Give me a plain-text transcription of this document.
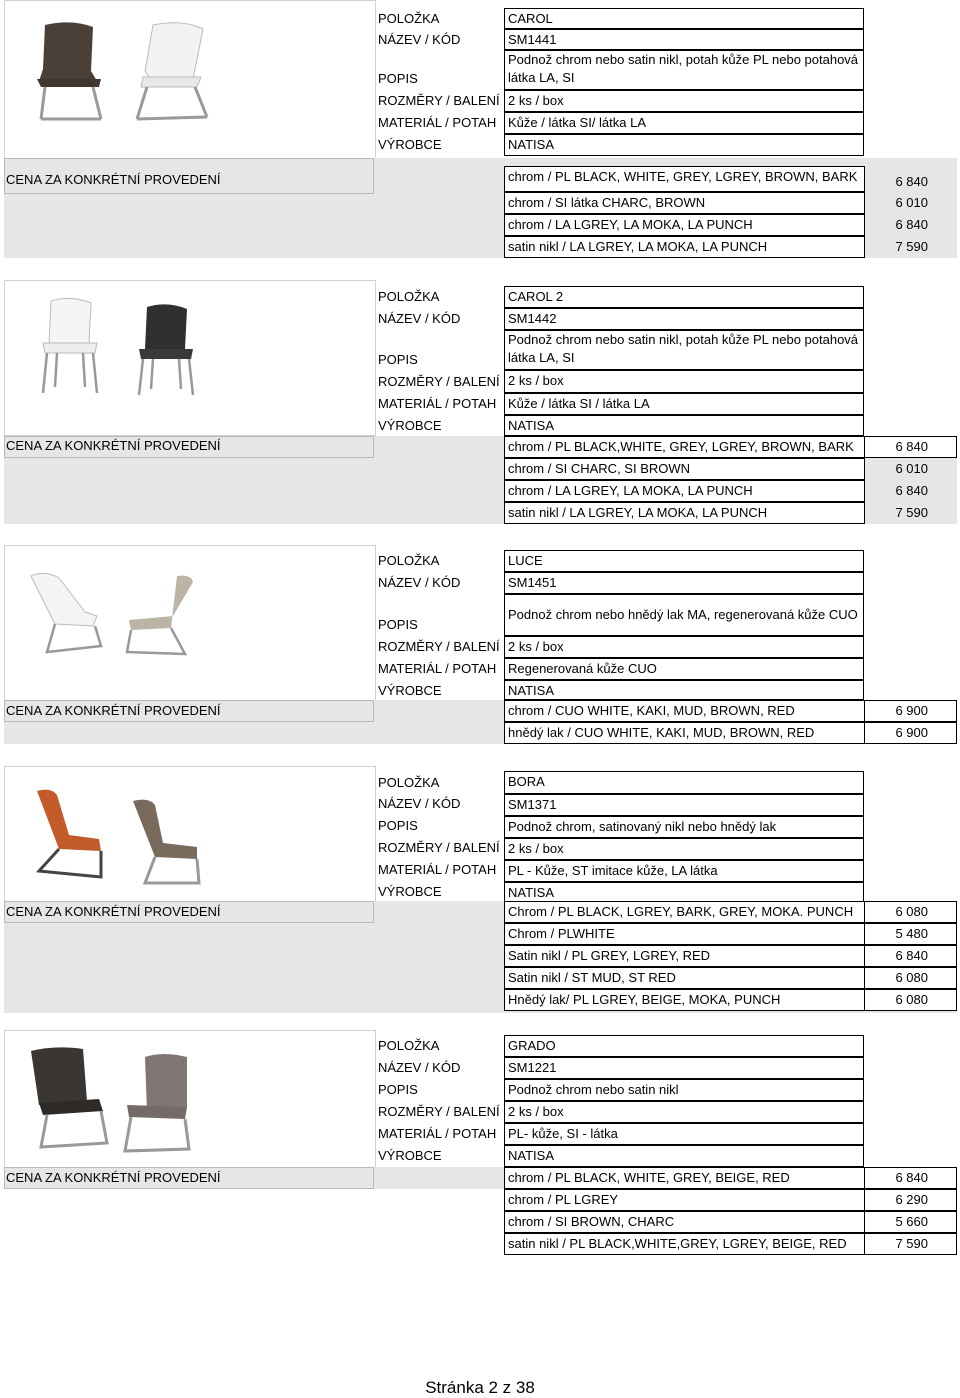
POLOŽKA	CAROL
NÁZEV / KÓD	SM1441
POPIS
Podnož chrom nebo satin nikl, potah kůže PL nebo potahová látka LA, SI
ROZMĚRY / BALENÍ 2 ks / box
MATERIÁL / POTAH Kůže / látka SI/ látka LA
VÝROBCE	NATISA
CENA ZA KONKRÉTNÍ PROVEDENÍ	chrom / PL BLACK, WHITE, GREY, LGREY, BROWN, BARK	6 840
chrom / SI látka CHARC, BROWN	6 010
chrom / LA LGREY, LA MOKA, LA PUNCH	6 840
satin nikl / LA LGREY, LA MOKA, LA PUNCH	7 590
POLOŽKA	CAROL 2
NÁZEV / KÓD	SM1442
POPIS
Podnož chrom nebo satin nikl, potah kůže PL nebo potahová látka LA, SI
ROZMĚRY / BALENÍ 2 ks / box
MATERIÁL / POTAH Kůže / látka SI / látka LA
VÝROBCE	NATISA
CENA ZA KONKRÉTNÍ PROVEDENÍ	chrom / PL BLACK,WHITE, GREY, LGREY, BROWN, BARK	6 840
chrom / SI CHARC, SI BROWN	6 010
chrom / LA LGREY, LA MOKA, LA PUNCH	6 840
satin nikl / LA LGREY, LA MOKA, LA PUNCH	7 590
POLOŽKA	LUCE
NÁZEV / KÓD	SM1451
POPIS
Podnož chrom nebo hnědý lak MA, regenerovaná kůže CUO
ROZMĚRY / BALENÍ 2 ks / box
MATERIÁL / POTAH Regenerovaná kůže CUO
VÝROBCE	NATISA
CENA ZA KONKRÉTNÍ PROVEDENÍ	chrom / CUO WHITE, KAKI, MUD, BROWN, RED	6 900
hnědý lak / CUO WHITE, KAKI, MUD, BROWN, RED	6 900
POLOŽKA	BORA
NÁZEV / KÓD	SM1371
POPIS	Podnož chrom, satinovaný nikl nebo hnědý lak
ROZMĚRY / BALENÍ 2 ks / box
MATERIÁL / POTAH PL - Kůže, ST imitace kůže, LA látka
VÝROBCE	NATISA
CENA ZA KONKRÉTNÍ PROVEDENÍ	Chrom / PL BLACK, LGREY, BARK, GREY, MOKA. PUNCH	6 080
Chrom / PLWHITE	5 480
Satin nikl / PL GREY, LGREY, RED	6 840
Satin nikl / ST MUD, ST RED	6 080
Hnědý lak/ PL LGREY, BEIGE, MOKA, PUNCH	6 080
POLOŽKA	GRADO
NÁZEV / KÓD	SM1221
POPIS	Podnož chrom nebo satin nikl
ROZMĚRY / BALENÍ 2 ks / box
MATERIÁL / POTAH PL- kůže, SI - látka
VÝROBCE	NATISA
CENA ZA KONKRÉTNÍ PROVEDENÍ	chrom / PL BLACK, WHITE, GREY, BEIGE, RED	6 840
chrom / PL LGREY	6 290
chrom / SI BROWN, CHARC	5 660
satin nikl / PL BLACK,WHITE,GREY, LGREY, BEIGE, RED	7 590
Stránka 2 z 38
